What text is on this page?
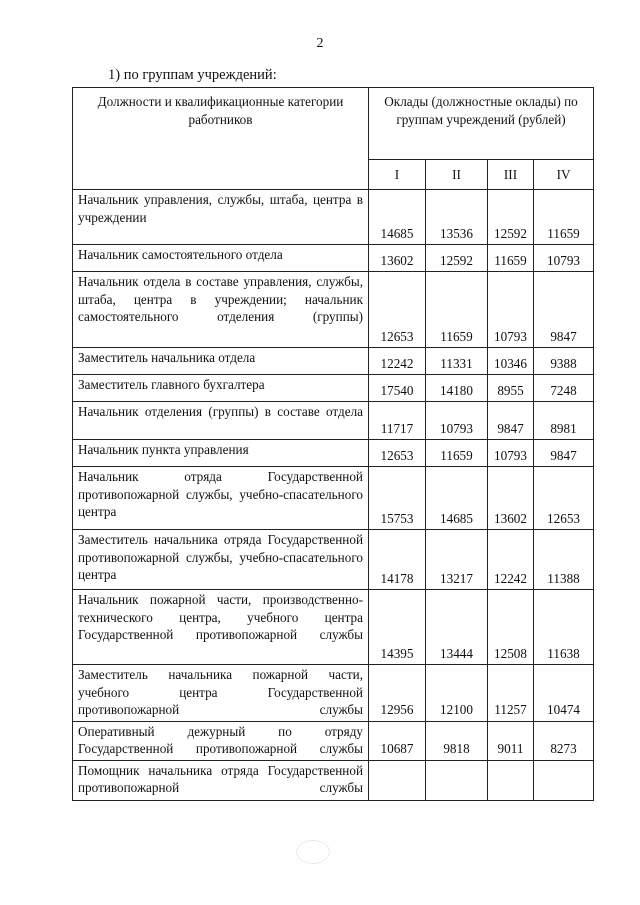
2
1) по группам учреждений:
Должности и квалификационные категории работников	Оклады (должностные оклады) по группам учреждений (рублей)			
	I	II	III	IV
Начальник управления, службы, штаба, центра в учреждении	14685	13536	12592	11659
Начальник самостоятельного отдела	13602	12592	11659	10793
Начальник отдела в составе управления, службы, штаба, центра в учреждении; начальник самостоятельного отделения (группы)	12653	11659	10793	9847
Заместитель начальника отдела	12242	11331	10346	9388
Заместитель главного бухгалтера	17540	14180	8955	7248
Начальник отделения (группы) в составе отдела	11717	10793	9847	8981
Начальник пункта управления	12653	11659	10793	9847
Начальник отряда Государственной противопожарной службы, учебно-спасательного центра	15753	14685	13602	12653
Заместитель начальника отряда Государственной противопожарной службы, учебно-спасательного центра	14178	13217	12242	11388
Начальник пожарной части, производственно-технического центра, учебного центра Государственной противопожарной службы	14395	13444	12508	11638
Заместитель начальника пожарной части, учебного центра Государственной противопожарной службы	12956	12100	11257	10474
Оперативный дежурный по отряду Государственной противопожарной службы	10687	9818	9011	8273
Помощник начальника отряда Государственной противопожарной службы				
